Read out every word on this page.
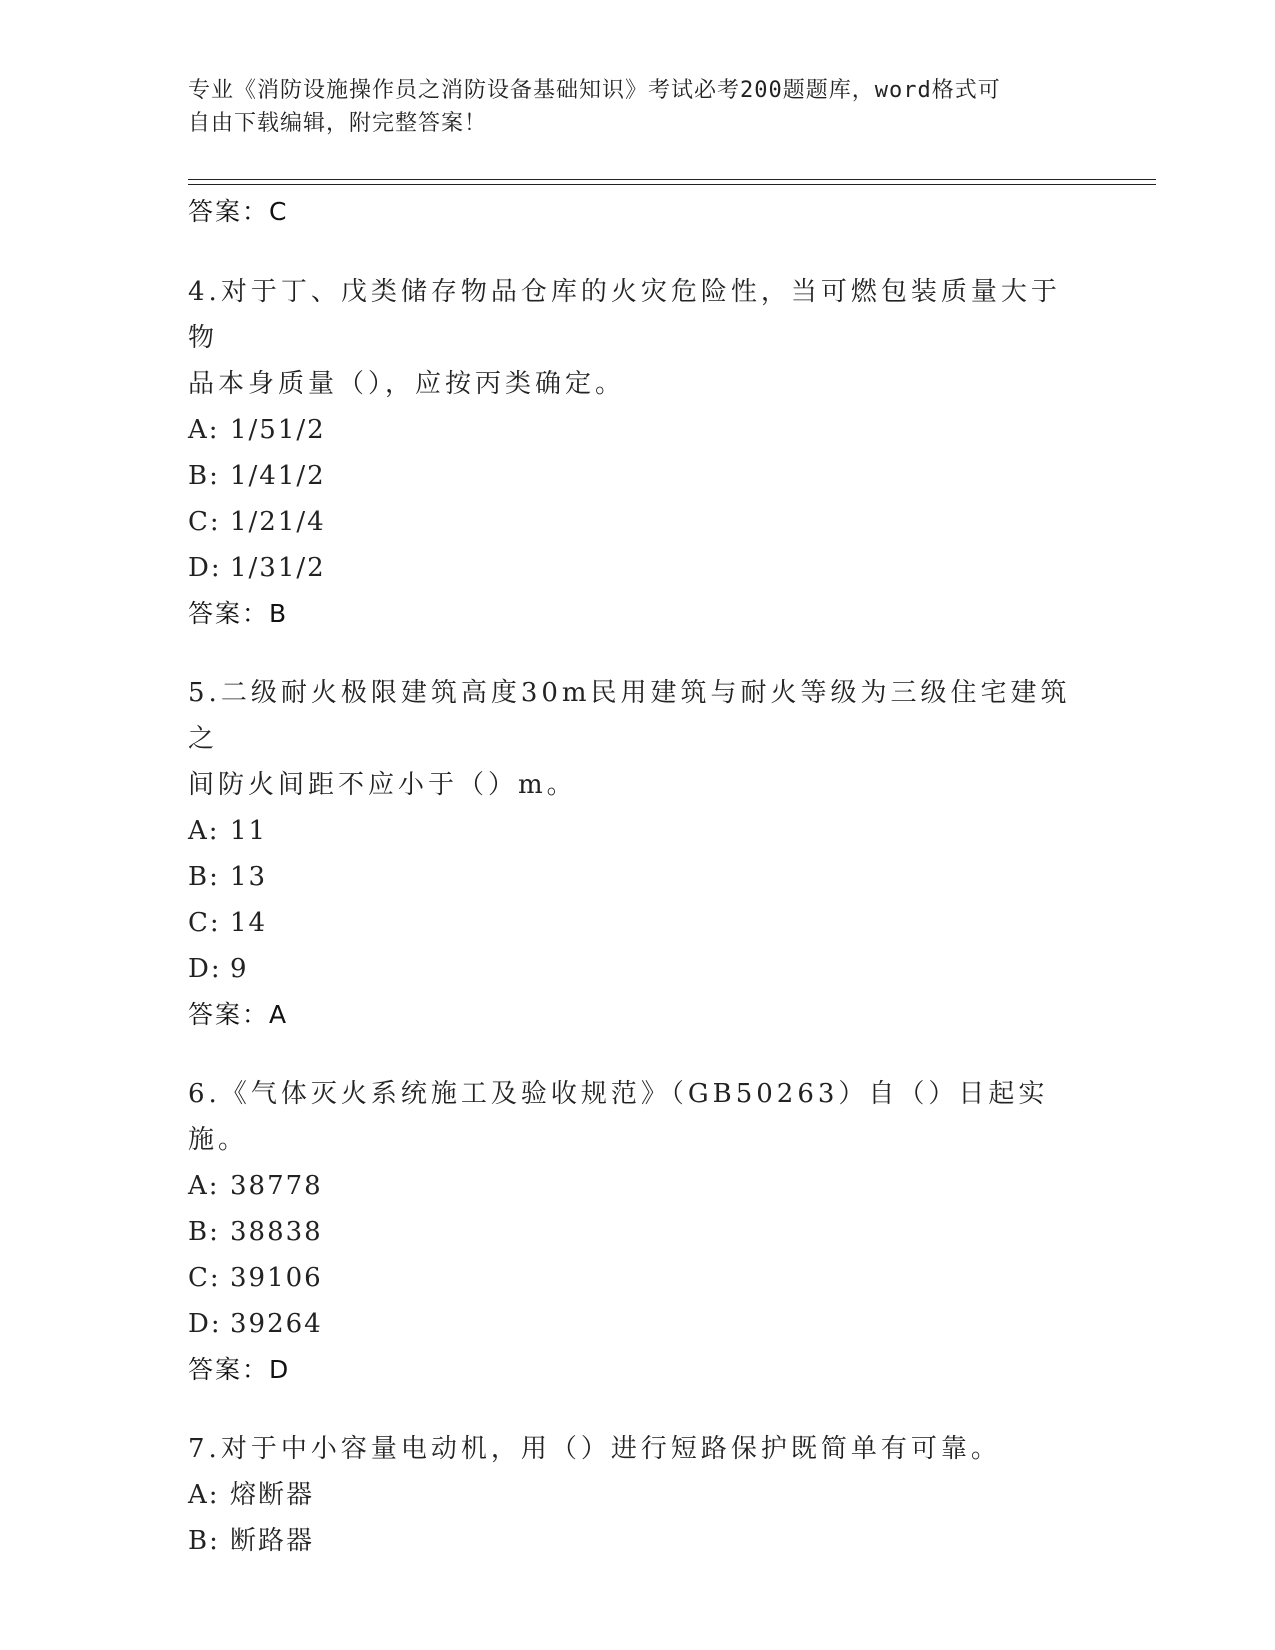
专业《消防设施操作员之消防设备基础知识》考试必考200题题库，word格式可
自由下载编辑，附完整答案！
答案：C
4.对于丁、戊类储存物品仓库的火灾危险性，当可燃包装质量大于物
品本身质量（），应按丙类确定。
A: 1/51/2
B: 1/41/2
C: 1/21/4
D: 1/31/2
答案：B
5.二级耐火极限建筑高度30m民用建筑与耐火等级为三级住宅建筑之
间防火间距不应小于（）m。
A: 11
B: 13
C: 14
D: 9
答案：A
6.《气体灭火系统施工及验收规范》（GB50263）自（）日起实施。
A: 38778
B: 38838
C: 39106
D: 39264
答案：D
7.对于中小容量电动机，用（）进行短路保护既简单有可靠。
A: 熔断器
B: 断路器
